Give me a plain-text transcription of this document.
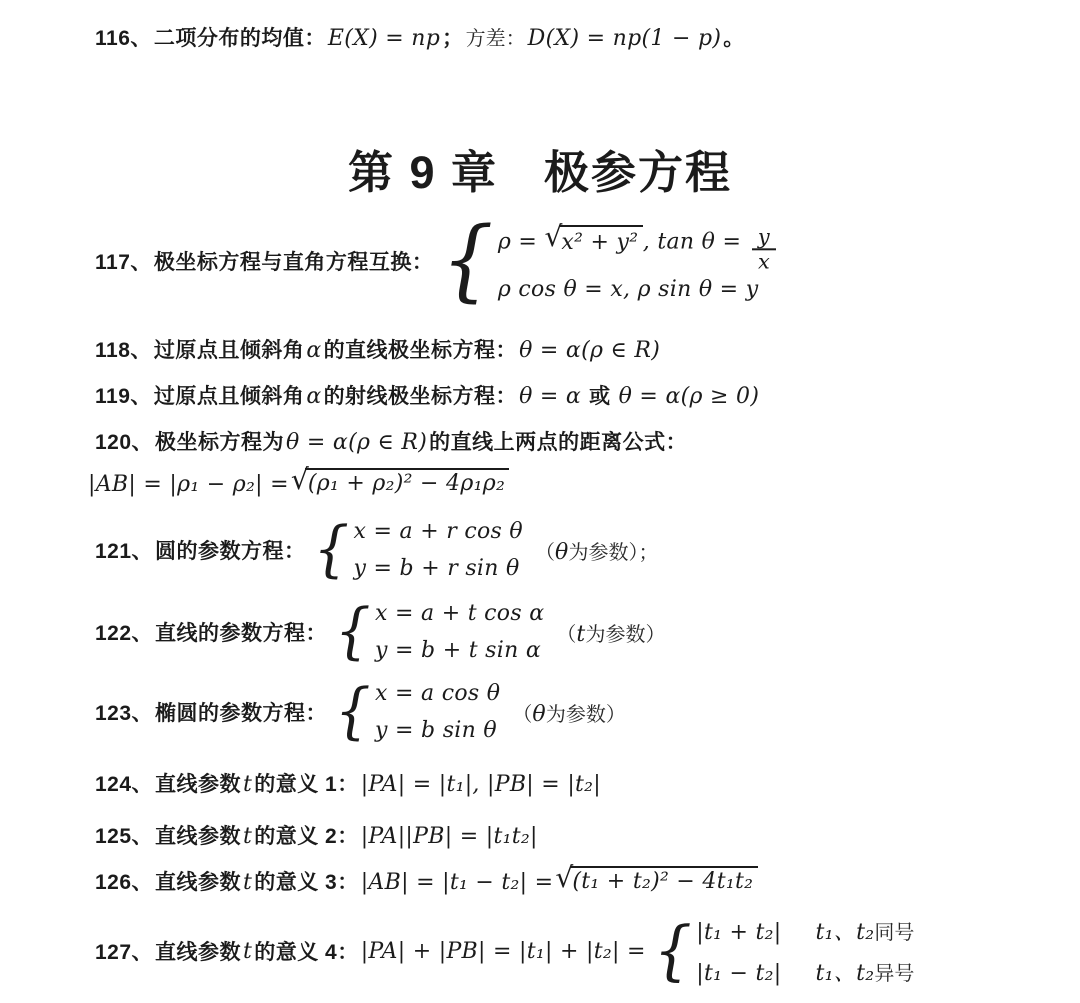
116、 二项分布的均值： E(X) = np ； 方差： D(X) = np(1 − p) 。
第 9 章 极参方程
117、 极坐标方程与直角方程互换： { ρ = √
x² + y² , $\tan \theta = \frac{y}{x}$
ρ cos θ = x, ρ sin θ = y
118、 过原点且倾斜角 α 的直线极坐标方程： θ = α(ρ ∈ R)
119、 过原点且倾斜角 α 的射线极坐标方程： θ = α 或 θ = α(ρ ≥ 0)
120、 极坐标方程为 θ = α(ρ ∈ R) 的直线上两点的距离公式：
|AB| = |ρ₁ − ρ₂| = √
(ρ₁ + ρ₂)² − 4ρ₁ρ₂
121、 圆的参数方程： { x = a + r cos θ
y = b + r sin θ
（θ为参数）；
122、 直线的参数方程： { x = a + t cos α
y = b + t sin α
（t为参数）
123、 椭圆的参数方程： { x = a cos θ
y = b sin θ
（θ为参数）
124、 直线参数 t 的意义 1： |PA| = |t₁|, |PB| = |t₂|
125、 直线参数 t 的意义 2： |PA||PB| = |t₁t₂|
126、 直线参数 t 的意义 3： |AB| = |t₁ − t₂| = √
(t₁ + t₂)² − 4t₁t₂
127、 直线参数 t 的意义 4： |PA| + |PB| = |t₁| + |t₂| = { |t₁ + t₂| t₁、t₂同号
|t₁ − t₂| t₁、t₂异号
